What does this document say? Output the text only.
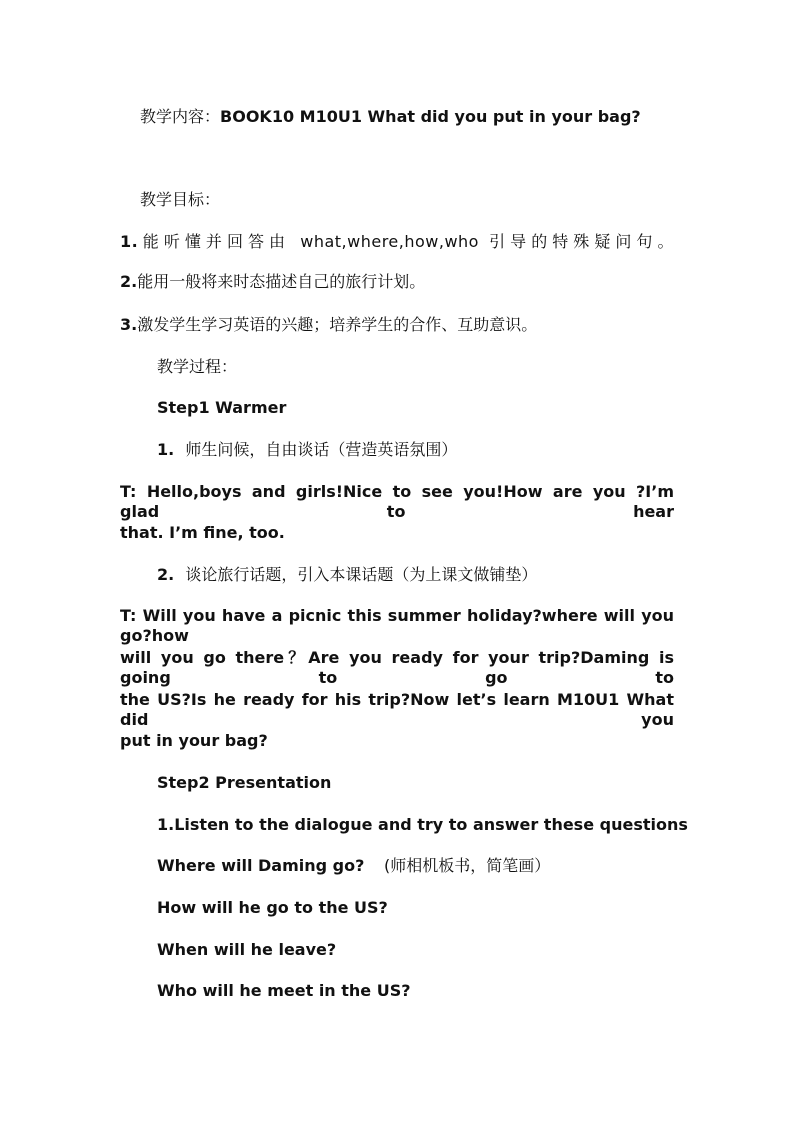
教学内容：BOOK10 M10U1 What did you put in your bag?
教学目标：
1.能听懂并回答由 what,where,how,who 引导的特殊疑问句。
2.能用一般将来时态描述自己的旅行计划。
3.激发学生学习英语的兴趣；培养学生的合作、互助意识。
教学过程：
Step1 Warmer
1. 师生问候，自由谈话（营造英语氛围）
T: Hello,boys and girls!Nice to see you!How are you ?I’m glad to hear
that. I’m fine, too.
2. 谈论旅行话题，引入本课话题（为上课文做铺垫）
T: Will you have a picnic this summer holiday?where will you go?how
will you go there？Are you ready for your trip?Daming is going to go to
the US?Is he ready for his trip?Now let’s learn M10U1 What did you
put in your bag?
Step2 Presentation
1.Listen to the dialogue and try to answer these questions
Where will Daming go? (师相机板书，简笔画）
How will he go to the US?
When will he leave?
Who will he meet in the US?
